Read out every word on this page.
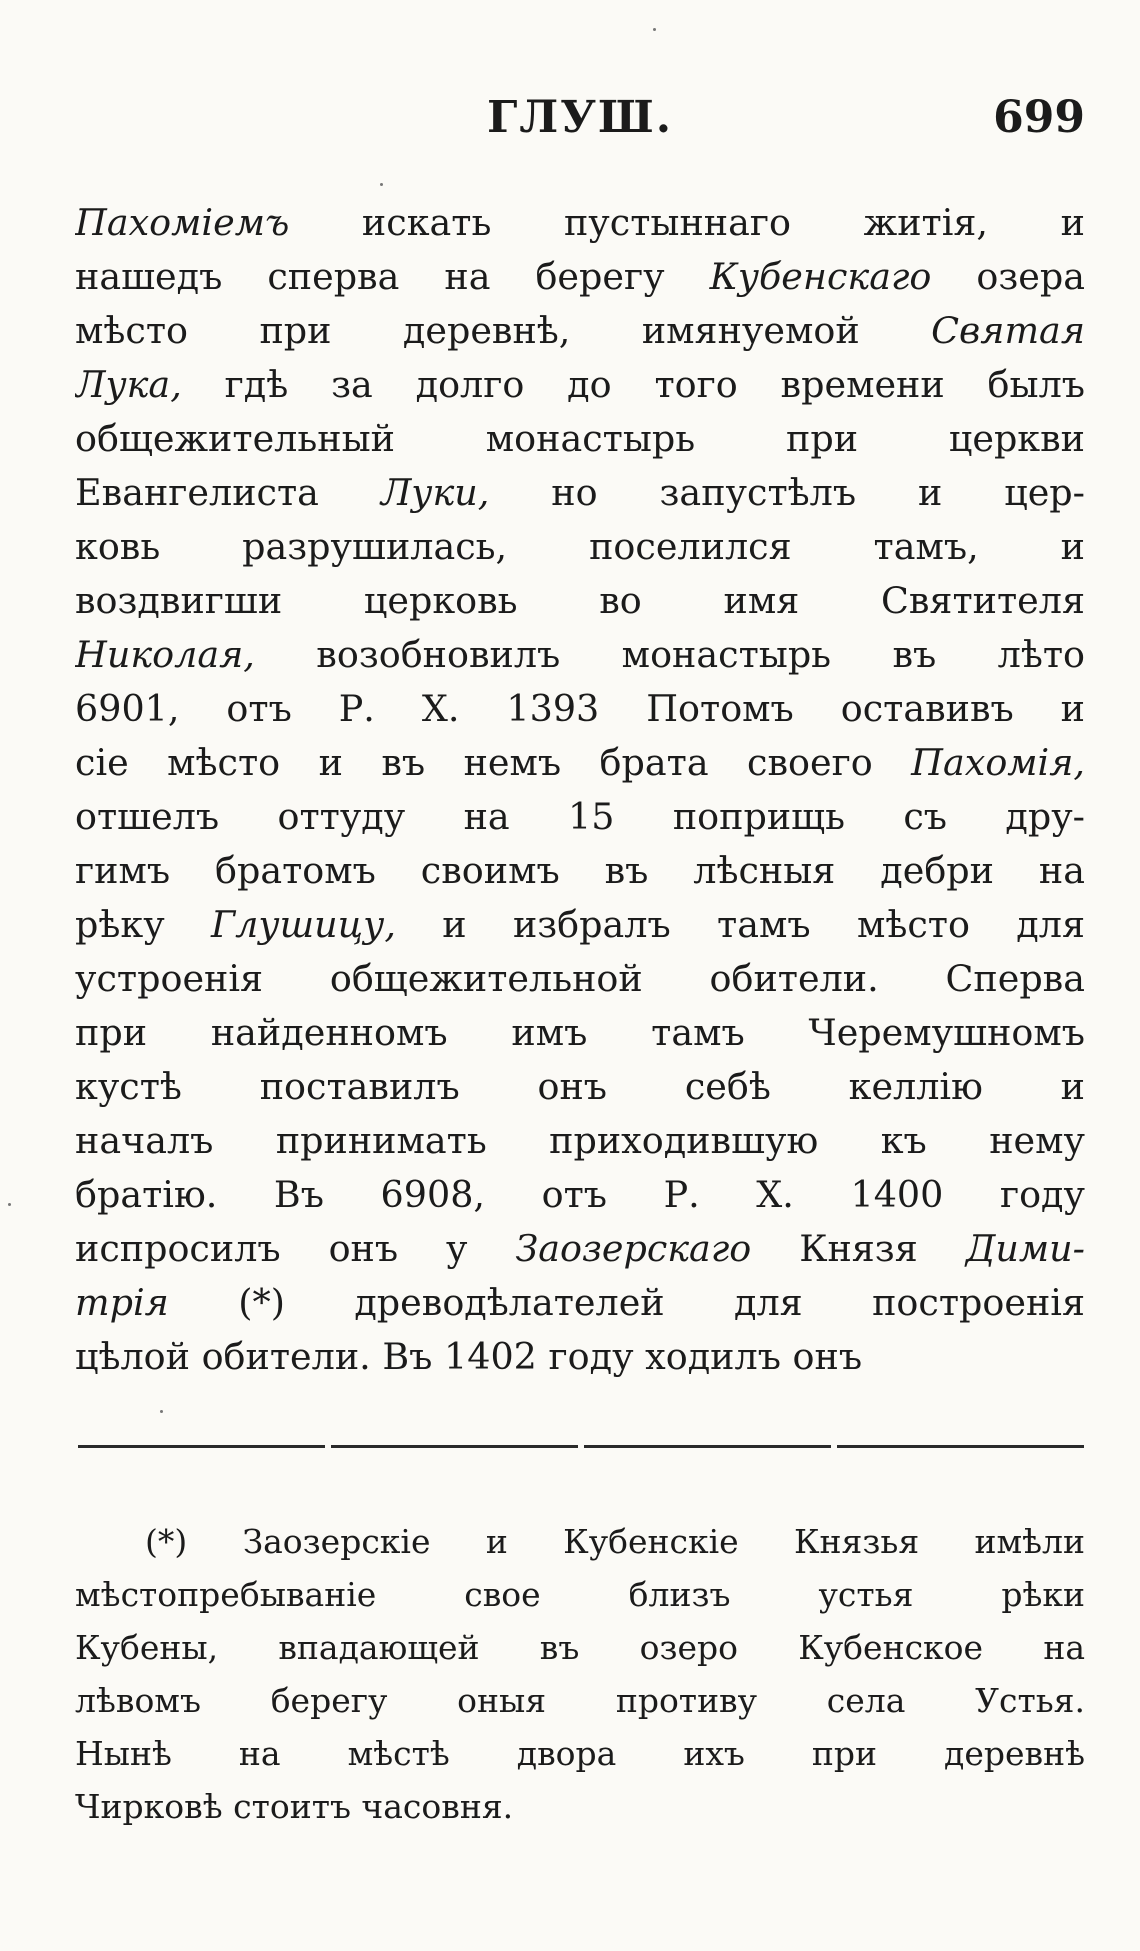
ГЛУШ.	699
Пахоміемъ искать пустыннаго житія, и
нашедъ сперва на берегу Кубенскаго озера
мѣсто при деревнѣ, имянуемой Святая
Лука, гдѣ за долго до того времени былъ
общежительный монастырь при церкви
Евангелиста Луки, но запустѣлъ и цер-
ковь разрушилась, поселился тамъ, и
воздвигши церковь во имя Святителя
Николая, возобновилъ монастырь въ лѣто
6901, отъ Р. Х. 1393 Потомъ оставивъ и
сіе мѣсто и въ немъ брата своего Пахомія,
отшелъ оттуду на 15 поприщь съ дру-
гимъ братомъ своимъ въ лѣсныя дебри на
рѣку Глушицу, и избралъ тамъ мѣсто для
устроенія общежительной обители. Сперва
при найденномъ имъ тамъ Черемушномъ
кустѣ поставилъ онъ себѣ келлію и
началъ принимать приходившую къ нему
братію. Въ 6908, отъ Р. Х. 1400 году
испросилъ онъ у Заозерскаго Князя Дими-
трія (*) древодѣлателей для построенія
цѣлой обители. Въ 1402 году ходилъ онъ
(*) Заозерскіе и Кубенскіе Князья имѣли
мѣстопребываніе свое близъ устья рѣки
Кубены, впадающей въ озеро Кубенское на
лѣвомъ берегу оныя противу села Устья.
Нынѣ на мѣстѣ двора ихъ при деревнѣ
Чирковѣ стоитъ часовня.
